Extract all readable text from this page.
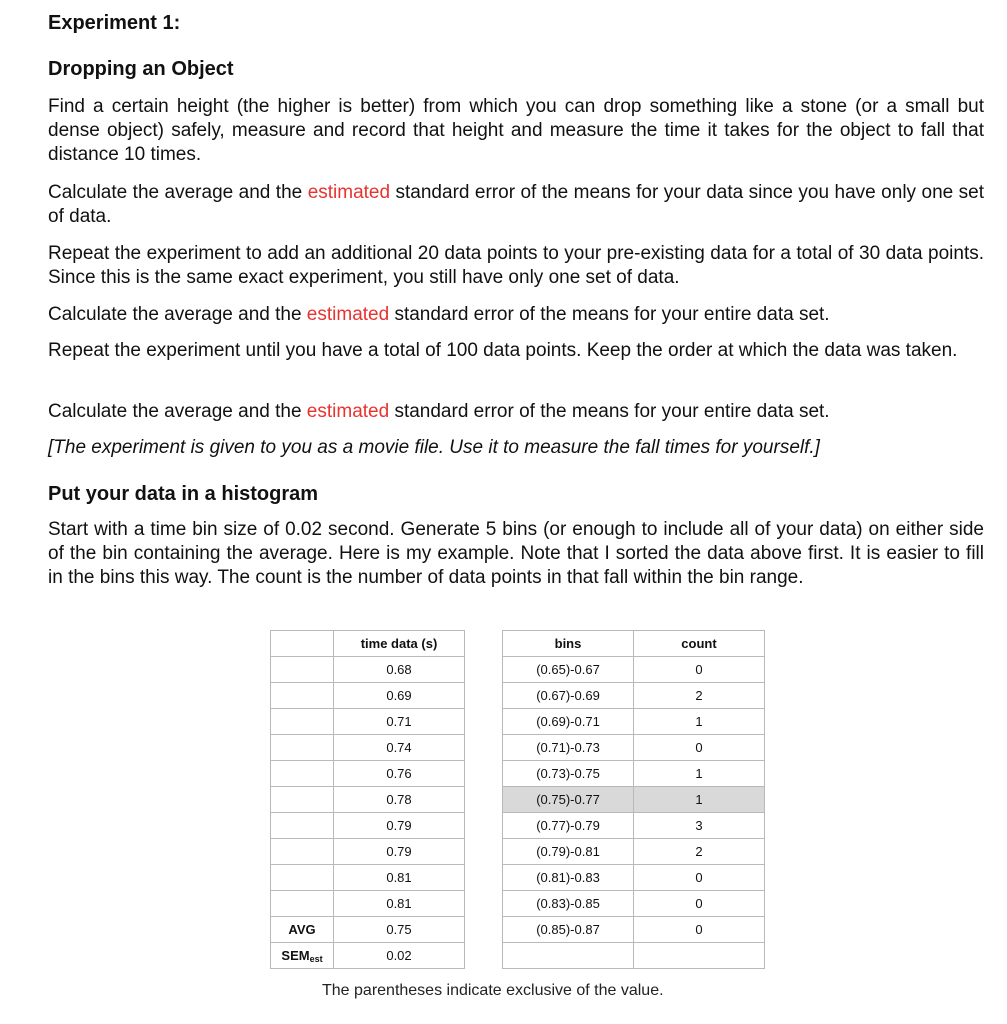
Experiment 1:
Dropping an Object

Find a certain height (the higher is better) from which you can drop something like a stone (or a small but dense object) safely, measure and record that height and measure the time it takes for the object to fall that distance 10 times.

Calculate the average and the estimated standard error of the means for your data since you have only one set of data.

Repeat the experiment to add an additional 20 data points to your pre-existing data for a total of 30 data points. Since this is the same exact experiment, you still have only one set of data.

Calculate the average and the estimated standard error of the means for your entire data set.

Repeat the experiment until you have a total of 100 data points. Keep the order at which the data was taken.

Calculate the average and the estimated standard error of the means for your entire data set.

[The experiment is given to you as a movie file. Use it to measure the fall times for yourself.]

Put your data in a histogram

Start with a time bin size of 0.02 second. Generate 5 bins (or enough to include all of your data) on either side of the bin containing the average. Here is my example. Note that I sorted the data above first. It is easier to fill in the bins this way. The count is the number of data points in that fall within the bin range.

	time data (s)
	0.68
	0.69
	0.71
	0.74
	0.76
	0.78
	0.79
	0.79
	0.81
	0.81
AVG	0.75
$SEM_{est}$	0.02
bins	count
(0.65)-0.67	0
(0.67)-0.69	2
(0.69)-0.71	1
(0.71)-0.73	0
(0.73)-0.75	1
(0.75)-0.77	1
(0.77)-0.79	3
(0.79)-0.81	2
(0.81)-0.83	0
(0.83)-0.85	0
(0.85)-0.87	0

The parentheses indicate exclusive of the value.
